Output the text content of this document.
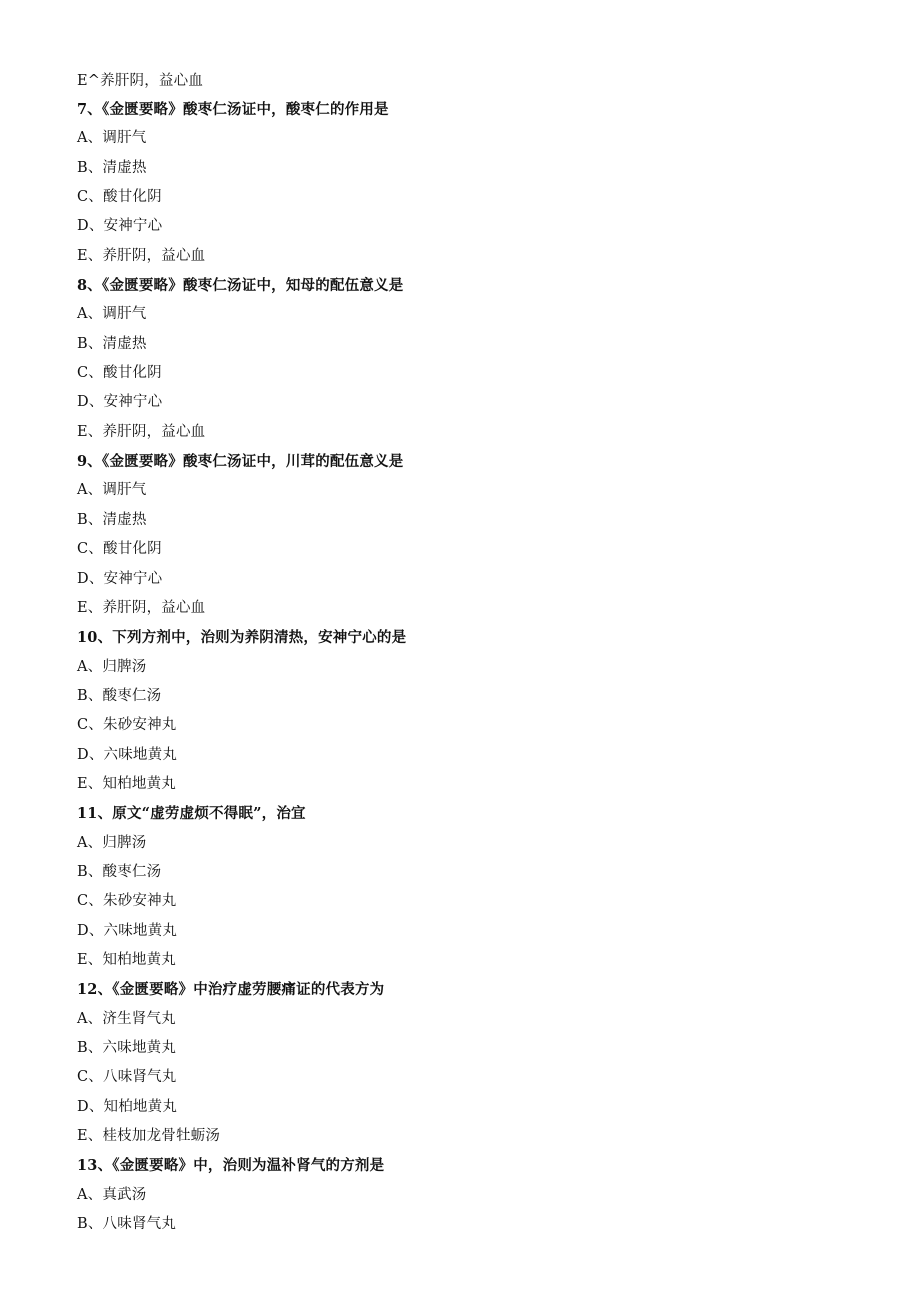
E^养肝阴，益心血
7、《金匮要略》酸枣仁汤证中，酸枣仁的作用是
A、调肝气
B、清虚热
C、酸甘化阴
D、安神宁心
E、养肝阴，益心血
8、《金匮要略》酸枣仁汤证中，知母的配伍意义是
A、调肝气
B、清虚热
C、酸甘化阴
D、安神宁心
E、养肝阴，益心血
9、《金匮要略》酸枣仁汤证中，川茸的配伍意义是
A、调肝气
B、清虚热
C、酸甘化阴
D、安神宁心
E、养肝阴，益心血
10、下列方剂中，治则为养阴清热，安神宁心的是
A、归脾汤
B、酸枣仁汤
C、朱砂安神丸
D、六味地黄丸
E、知柏地黄丸
11、原文“虚劳虚烦不得眠”，治宜
A、归脾汤
B、酸枣仁汤
C、朱砂安神丸
D、六味地黄丸
E、知柏地黄丸
12、《金匮要略》中治疗虚劳腰痛证的代表方为
A、济生肾气丸
B、六味地黄丸
C、八味肾气丸
D、知柏地黄丸
E、桂枝加龙骨牡蛎汤
13、《金匮要略》中，治则为温补肾气的方剂是
A、真武汤
B、八味肾气丸
